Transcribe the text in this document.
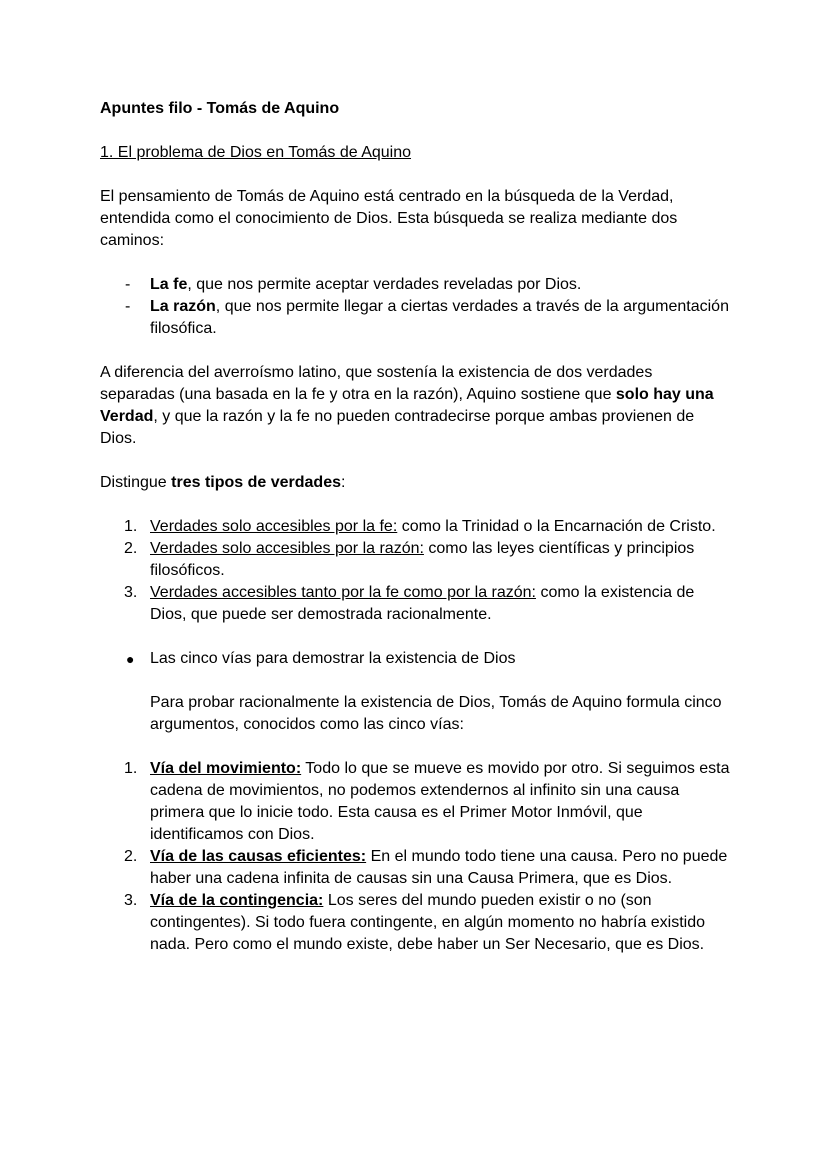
Apuntes filo - Tomás de Aquino
1. El problema de Dios en Tomás de Aquino

El pensamiento de Tomás de Aquino está centrado en la búsqueda de la Verdad, entendida como el conocimiento de Dios. Esta búsqueda se realiza mediante dos caminos:

- La fe, que nos permite aceptar verdades reveladas por Dios.
- La razón, que nos permite llegar a ciertas verdades a través de la argumentación filosófica.

A diferencia del averroísmo latino, que sostenía la existencia de dos verdades separadas (una basada en la fe y otra en la razón), Aquino sostiene que solo hay una Verdad, y que la razón y la fe no pueden contradecirse porque ambas provienen de Dios.

Distingue tres tipos de verdades:

1. Verdades solo accesibles por la fe: como la Trinidad o la Encarnación de Cristo.
2. Verdades solo accesibles por la razón: como las leyes científicas y principios filosóficos.
3. Verdades accesibles tanto por la fe como por la razón: como la existencia de Dios, que puede ser demostrada racionalmente.
● Las cinco vías para demostrar la existencia de Dios

Para probar racionalmente la existencia de Dios, Tomás de Aquino formula cinco argumentos, conocidos como las cinco vías:

1. Vía del movimiento: Todo lo que se mueve es movido por otro. Si seguimos esta cadena de movimientos, no podemos extendernos al infinito sin una causa primera que lo inicie todo. Esta causa es el Primer Motor Inmóvil, que identificamos con Dios.
2. Vía de las causas eficientes: En el mundo todo tiene una causa. Pero no puede haber una cadena infinita de causas sin una Causa Primera, que es Dios.
3. Vía de la contingencia: Los seres del mundo pueden existir o no (son contingentes). Si todo fuera contingente, en algún momento no habría existido nada. Pero como el mundo existe, debe haber un Ser Necesario, que es Dios.
